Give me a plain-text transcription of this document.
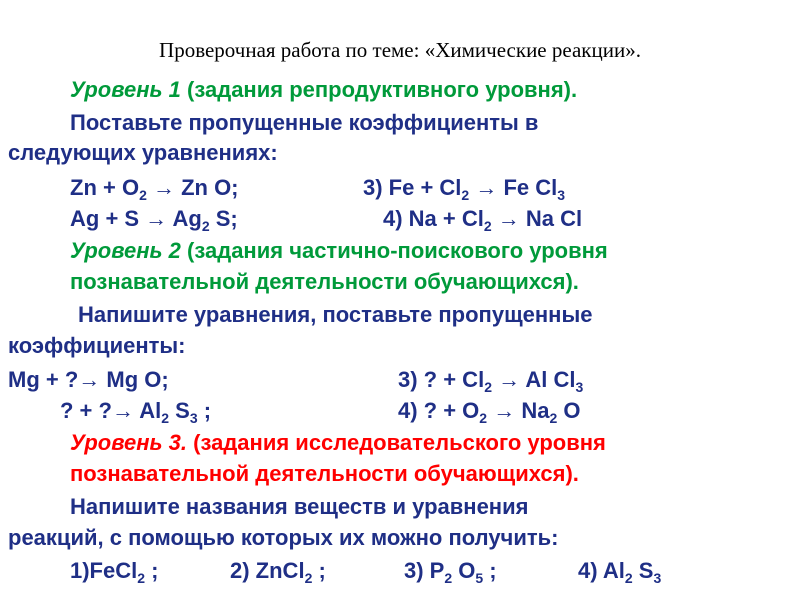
Проверочная работа по теме: «Химические реакции».
Уровень 1 (задания репродуктивного уровня).
Поставьте пропущенные коэффициенты в
следующих уравнениях:
$Zn + O_2 \to Zn$ O;	3) $Fe + Cl_2 \to Fe$ $Cl_3$
$Ag + S \to Ag_2$ S;	4) $Na + Cl_2 \to Na$ Cl
Уровень 2 (задания частично-поискового уровня
познавательной деятельности обучающихся).
Напишите уравнения, поставьте пропущенные
коэффициенты:
Mg + ?→ Mg O;	3) ? + $Cl_2 \to Al$ $Cl_3$
? + ?→ $Al_2$ $S_3$ ;	4) ? + $O_2 \to Na_2$ O
Уровень 3. (задания исследовательского уровня
познавательной деятельности обучающихся).
Напишите названия веществ и уравнения
реакций, с помощью которых их можно получить:
1)FeCl$_2$ ;	2) ZnCl$_2$ ;	3) $P_2$ $O_5$ ;	4) $Al_2$ $S_3$
